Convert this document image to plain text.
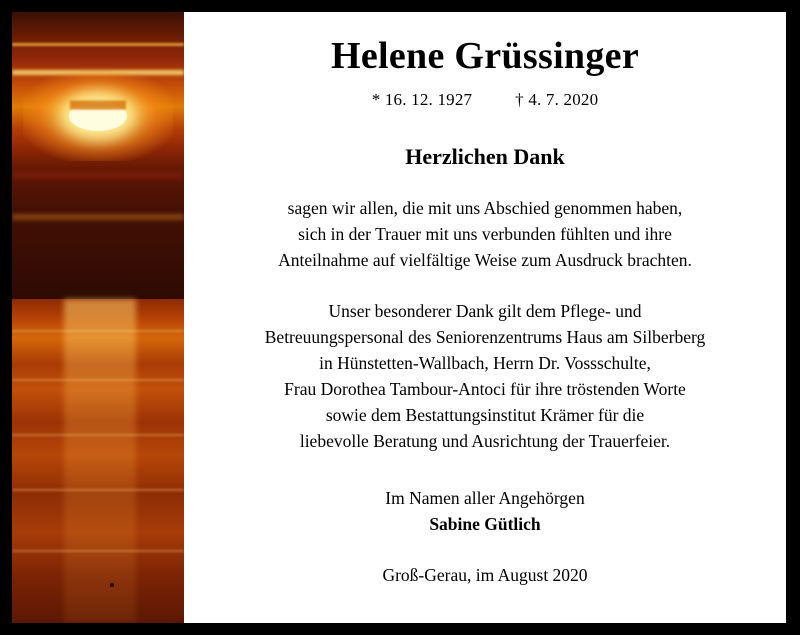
Helene Grüssinger
* 16. 12. 1927	† 4. 7. 2020
Herzlichen Dank
sagen wir allen, die mit uns Abschied genommen haben,
sich in der Trauer mit uns verbunden fühlten und ihre
Anteilnahme auf vielfältige Weise zum Ausdruck brachten.
Unser besonderer Dank gilt dem Pflege- und
Betreuungspersonal des Seniorenzentrums Haus am Silberberg
in Hünstetten-Wallbach, Herrn Dr. Vossschulte,
Frau Dorothea Tambour-Antoci für ihre tröstenden Worte
sowie dem Bestattungsinstitut Krämer für die
liebevolle Beratung und Ausrichtung der Trauerfeier.
Im Namen aller Angehörgen
Sabine Gütlich
Groß-Gerau, im August 2020
